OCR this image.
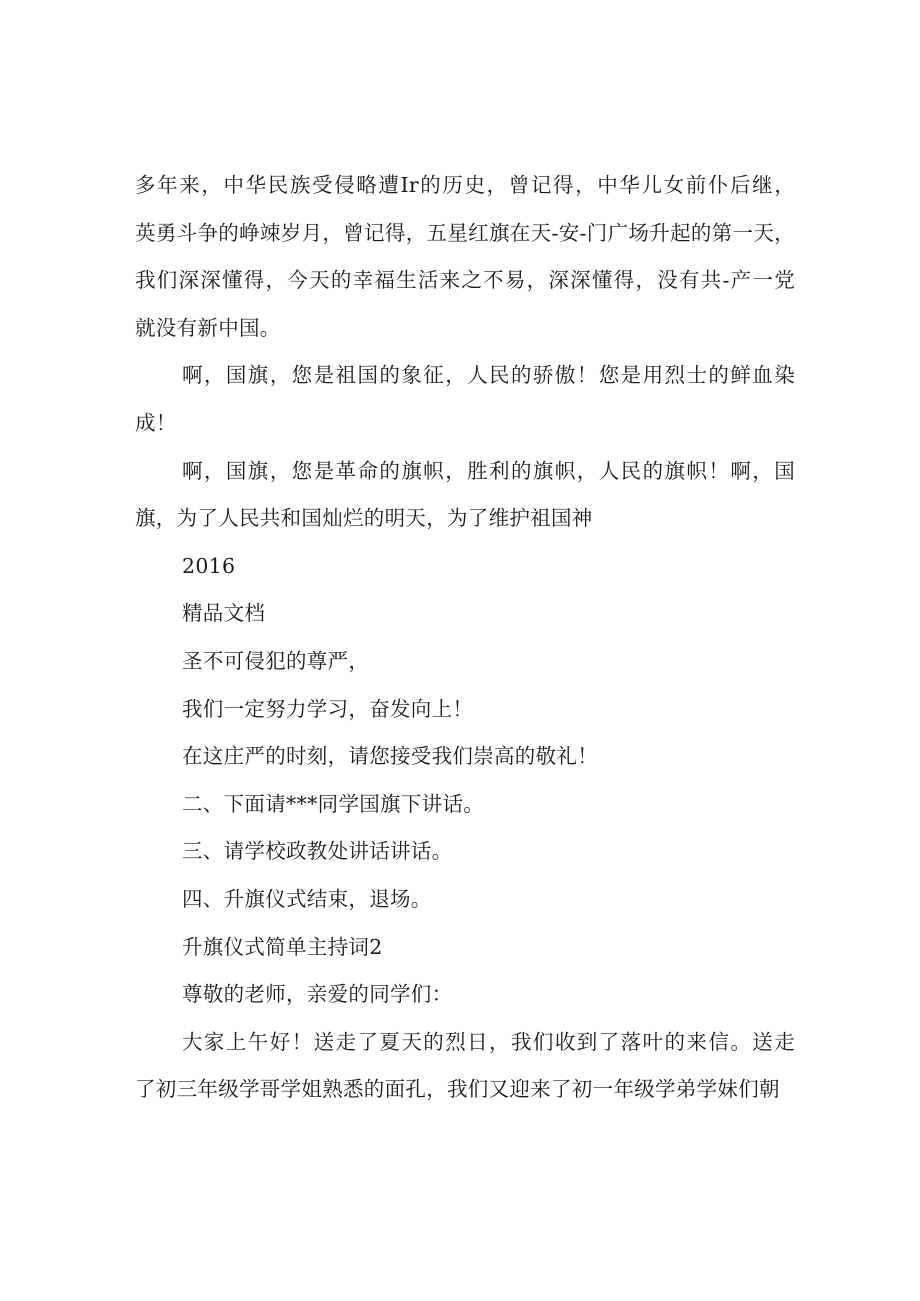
多年来，中华民族受侵略遭Ir的历史，曾记得，中华儿女前仆后继，
英勇斗争的峥竦岁月，曾记得，五星红旗在天-安-门广场升起的第一天，
我们深深懂得，今天的幸福生活来之不易，深深懂得，没有共-产一党
就没有新中国。

啊，国旗，您是祖国的象征，人民的骄傲！您是用烈士的鲜血染
成！

啊，国旗，您是革命的旗帜，胜利的旗帜，人民的旗帜！啊，国
旗，为了人民共和国灿烂的明天，为了维护祖国神

2016

精品文档

圣不可侵犯的尊严，

我们一定努力学习，奋发向上！

在这庄严的时刻，请您接受我们崇高的敬礼！

二、下面请***同学国旗下讲话。

三、请学校政教处讲话讲话。

四、升旗仪式结束，退场。

升旗仪式简单主持词2

尊敬的老师，亲爱的同学们：

大家上午好！送走了夏天的烈日，我们收到了落叶的来信。送走
了初三年级学哥学姐熟悉的面孔，我们又迎来了初一年级学弟学妹们朝
